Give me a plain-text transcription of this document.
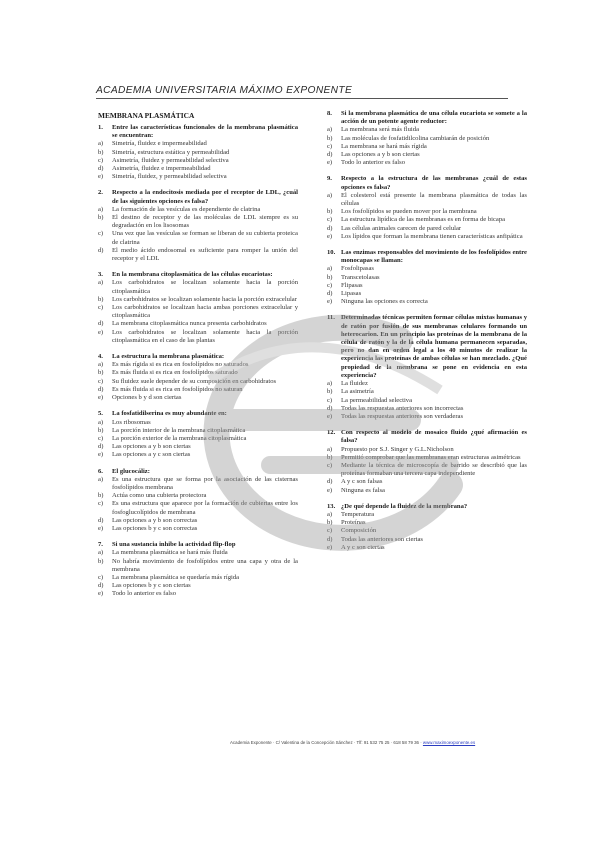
ACADEMIA UNIVERSITARIA MÁXIMO EXPONENTE
MEMBRANA PLASMÁTICA
1.	Entre las características funcionales de la membrana plasmática se encuentran:
a)	Simetría, fluidez e impermeabilidad
b)	Simetría, estructura estática y permeabilidad
c)	Asimetría, fluidez y permeabilidad selectiva
d)	Asimetría, fluidez e impermeabilidad
e)	Simetría, fluidez, y permeabilidad selectiva
2.	Respecto a la endocitosis mediada por el receptor de LDL, ¿cuál de las siguientes opciones es falsa?
a)	La formación de las vesículas es dependiente de clatrina
b)	El destino de receptor y de las moléculas de LDL siempre es su degradación en los lisosomas
c)	Una vez que las vesículas se forman se liberan de su cubierta proteica de clatrina
d)	El medio ácido endosomal es suficiente para romper la unión del receptor y el LDL
3.	En la membrana citoplasmática de las células eucariotas:
a)	Los carbohidratos se localizan solamente hacia la porción citoplasmática
b)	Los carbohidratos se localizan solamente hacia la porción extracelular
c)	Los carbohidratos se localizan hacia ambas porciones extracelular y citoplasmática
d)	La membrana citoplasmática nunca presenta carbohidratos
e)	Los carbohidratos se localizan solamente hacia la porción citoplasmática en el caso de las plantas
4.	La estructura la membrana plasmática:
a)	Es más rígida si es rica en fosfolípidos no saturados
b)	Es más fluida si es rica en fosfolípidos saturado
c)	Su fluidez suele depender de su composición en carbohidratos
d)	Es más fluida si es rica en fosfolípidos no saturan
e)	Opciones b y d son ciertas
5.	La fosfatidilserina es muy abundante en:
a)	Los ribosomas
b)	La porción interior de la membrana citoplasmática
c)	La porción exterior de la membrana citoplasmática
d)	Las opciones a y b son ciertas
e)	Las opciones a y c son ciertas
6.	El glucocáliz:
a)	Es una estructura que se forma por la asociación de las cisternas fosfolípidos membrana
b)	Actúa como una cubierta protectora
c)	Es una estructura que aparece por la formación de cubiertas entre los fosfoglucolípidos de membrana
d)	Las opciones a y b son correctas
e)	Las opciones b y c son correctas
7.	Si una sustancia inhibe la actividad flip-flop
a)	La membrana plasmática se hará más fluida
b)	No habría movimiento de fosfolípidos entre una capa y otra de la membrana
c)	La membrana plasmática se quedaría más rígida
d)	Las opciones b y c son ciertas
e)	Todo lo anterior es falso
8.	Si la membrana plasmática de una célula eucariota se somete a la acción de un potente agente reductor:
a)	La membrana será más fluida
b)	Las moléculas de fosfatidilcolina cambiarán de posición
c)	La membrana se hará más rígida
d)	Las opciones a y b son ciertas
e)	Todo lo anterior es falso
9.	Respecto a la estructura de las membranas ¿cuál de estas opciones es falsa?
a)	El colesterol está presente la membrana plasmática de todas las células
b)	Los fosfolípidos se pueden mover por la membrana
c)	La estructura lipídica de las membranas es en forma de bicapa
d)	Las células animales carecen de pared celular
e)	Los lípidos que forman la membrana tienen características anfipática
10. Las enzimas responsables del movimiento de los fosfolípidos entre monocapas se llaman:
a)	Fosfolipasas
b)	Transcetolasas
c)	Flipasas
d)	Lipasas
e)	Ninguna las opciones es correcta
11. Determinadas técnicas permiten formar células mixtas humanas y de ratón por fusión de sus membranas celulares formando un heterocarion. En un principio las proteínas de la membrana de la célula de ratón y la de la célula humana permanecen separadas, pero no dan en orden legal a los 40 minutos de realizar la experiencia las proteínas de ambas células se han mezclado. ¿Qué propiedad de la membrana se pone en evidencia en esta experiencia?
a)	La fluidez
b)	La asimetría
c)	La permeabilidad selectiva
d)	Todas las respuestas anteriores son incorrectas
e)	Todas las respuestas anteriores son verdaderas
12. Con respecto al modelo de mosaico fluido ¿qué afirmación es falsa?
a)	Propuesto por S.J. Singer y G.L.Nicholson
b)	Permitió comprobar que las membranas eran estructuras asimétricas
c)	Mediante la técnica de microscopía de barrido se describió que las proteínas formaban una tercera capa independiente
d)	A y c son falsas
e)	Ninguna es falsa
13. ¿De qué depende la fluidez de la membrana?
a)	Temperatura
b)	Proteínas
c)	Composición
d)	Todas las anteriores son ciertas
e)	A y c son ciertas
Academia Exponente · C/ Valentina de la Concepción Sánchez · Tlf: 91 532 75 25 · 618 58 79 36 · www.maximoexponente.es
